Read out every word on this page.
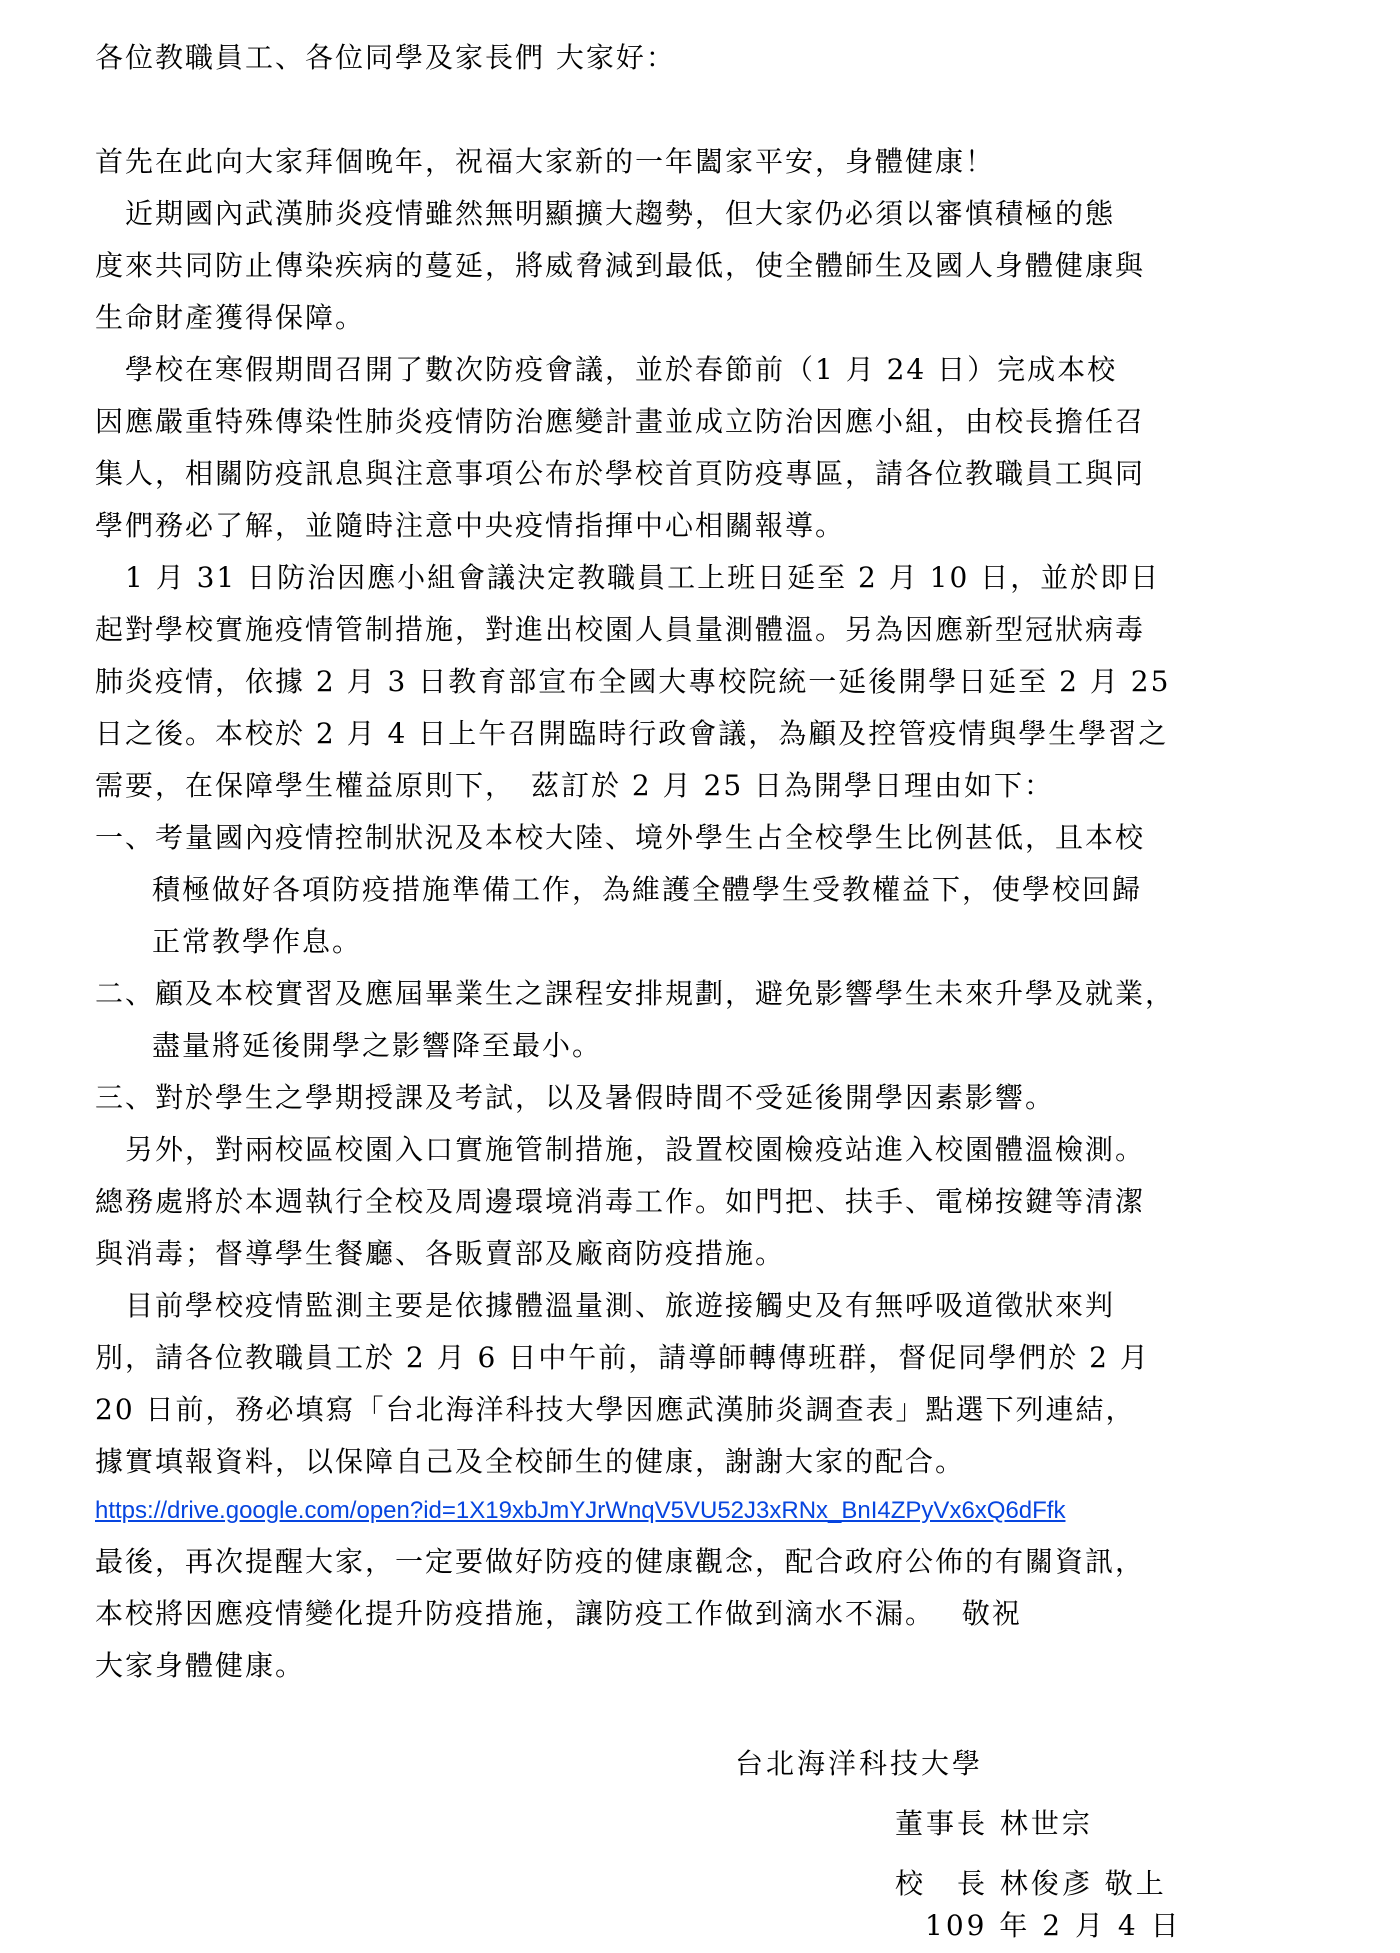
各位教職員工、各位同學及家長們 大家好：
首先在此向大家拜個晚年，祝福大家新的一年闔家平安，身體健康！
　近期國內武漢肺炎疫情雖然無明顯擴大趨勢，但大家仍必須以審慎積極的態
度來共同防止傳染疾病的蔓延，將威脅減到最低，使全體師生及國人身體健康與
生命財產獲得保障。
　學校在寒假期間召開了數次防疫會議，並於春節前（1 月 24 日）完成本校
因應嚴重特殊傳染性肺炎疫情防治應變計畫並成立防治因應小組，由校長擔任召
集人，相關防疫訊息與注意事項公布於學校首頁防疫專區，請各位教職員工與同
學們務必了解，並隨時注意中央疫情指揮中心相關報導。
　1 月 31 日防治因應小組會議決定教職員工上班日延至 2 月 10 日，並於即日
起對學校實施疫情管制措施，對進出校園人員量測體溫。另為因應新型冠狀病毒
肺炎疫情，依據 2 月 3 日教育部宣布全國大專校院統一延後開學日延至 2 月 25
日之後。本校於 2 月 4 日上午召開臨時行政會議，為顧及控管疫情與學生學習之
需要，在保障學生權益原則下，　茲訂於 2 月 25 日為開學日理由如下：
一、考量國內疫情控制狀況及本校大陸、境外學生占全校學生比例甚低，且本校
積極做好各項防疫措施準備工作，為維護全體學生受教權益下，使學校回歸
正常教學作息。
二、顧及本校實習及應屆畢業生之課程安排規劃，避免影響學生未來升學及就業，
盡量將延後開學之影響降至最小。
三、對於學生之學期授課及考試，以及暑假時間不受延後開學因素影響。
　另外，對兩校區校園入口實施管制措施，設置校園檢疫站進入校園體溫檢測。
總務處將於本週執行全校及周邊環境消毒工作。如門把、扶手、電梯按鍵等清潔
與消毒；督導學生餐廳、各販賣部及廠商防疫措施。
　目前學校疫情監測主要是依據體溫量測、旅遊接觸史及有無呼吸道徵狀來判
別，請各位教職員工於 2 月 6 日中午前，請導師轉傳班群，督促同學們於 2 月
20 日前，務必填寫「台北海洋科技大學因應武漢肺炎調查表」點選下列連結，
據實填報資料，以保障自己及全校師生的健康，謝謝大家的配合。
https://drive.google.com/open?id=1X19xbJmYJrWnqV5VU52J3xRNx_BnI4ZPyVx6xQ6dFfk
最後，再次提醒大家，一定要做好防疫的健康觀念，配合政府公佈的有關資訊，
本校將因應疫情變化提升防疫措施，讓防疫工作做到滴水不漏。　 敬祝
大家身體健康。
台北海洋科技大學
董事長 林世宗
校　長 林俊彥 敬上
109 年 2 月 4 日
